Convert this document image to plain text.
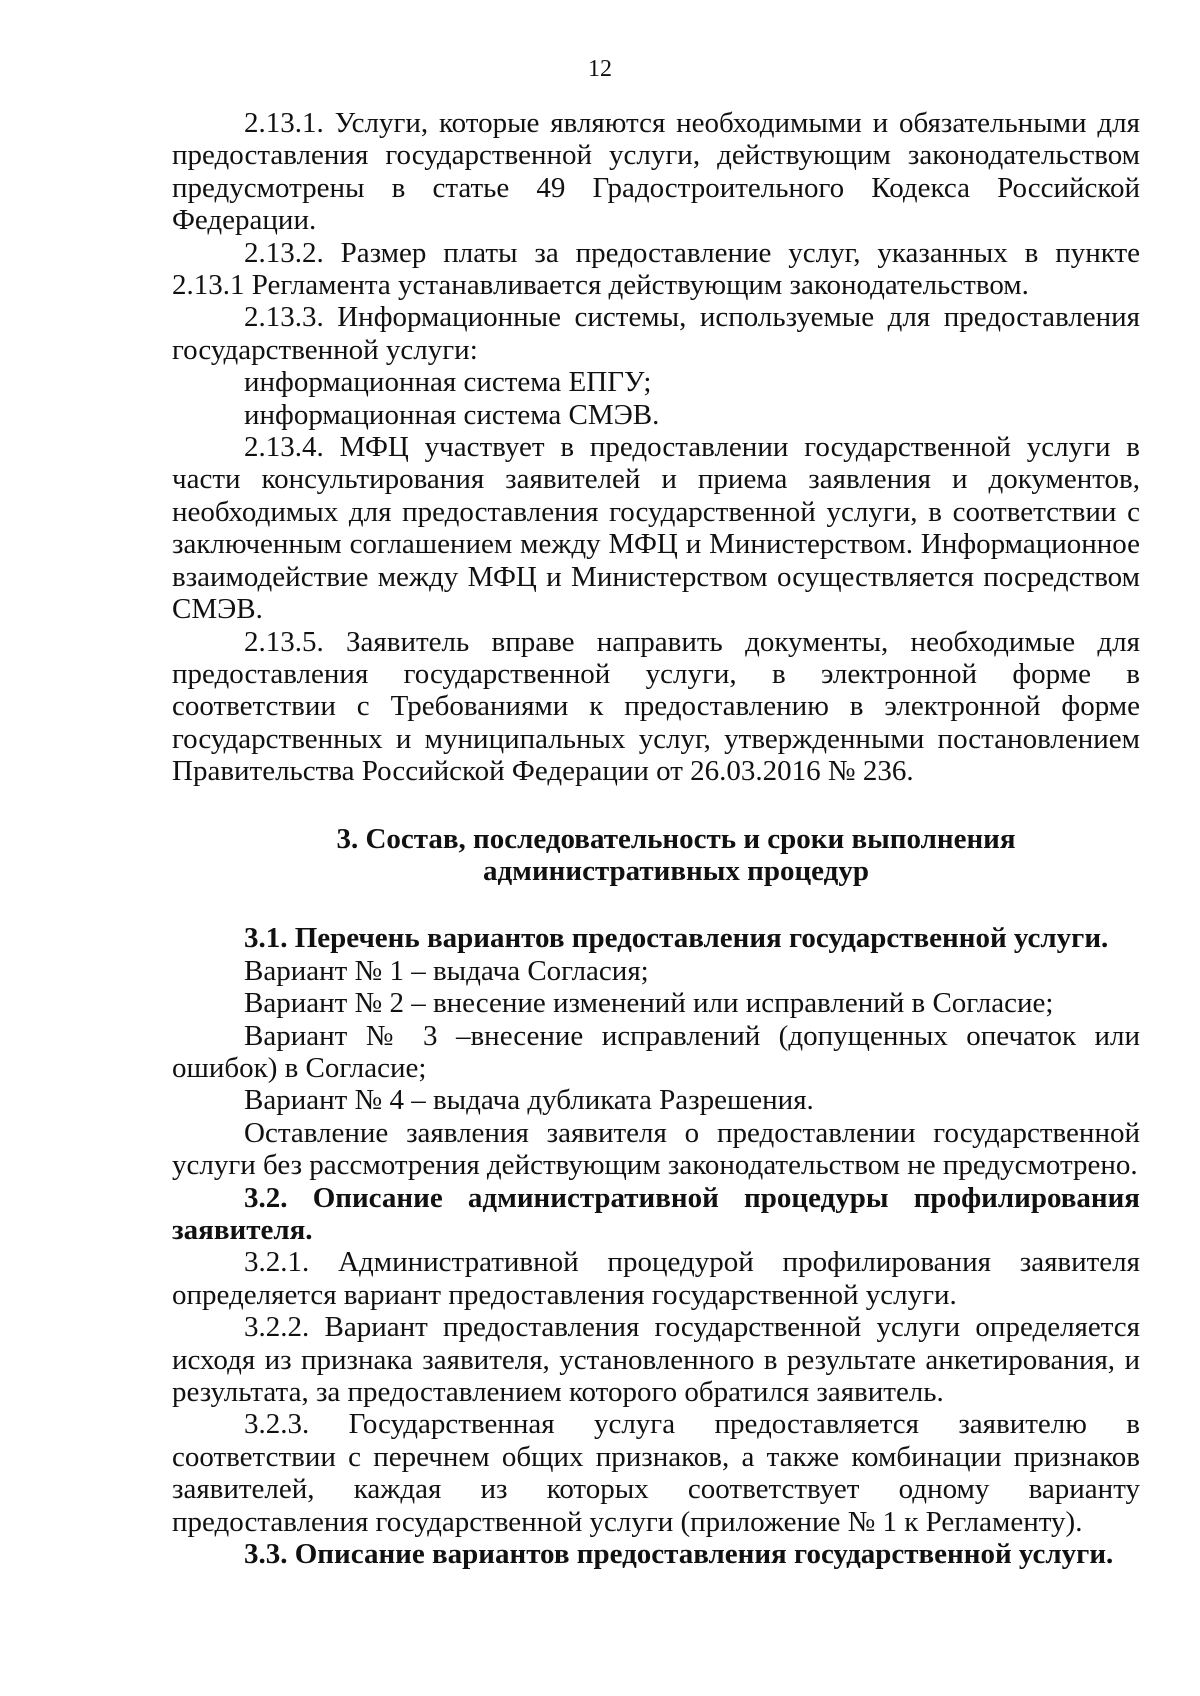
12

2.13.1. Услуги, которые являются необходимыми и обязательными для предоставления государственной услуги, действующим законодательством предусмотрены в статье 49 Градостроительного Кодекса Российской Федерации.

2.13.2. Размер платы за предоставление услуг, указанных в пункте 2.13.1 Регламента устанавливается действующим законодательством.

2.13.3. Информационные системы, используемые для предоставления государственной услуги:

информационная система ЕПГУ;

информационная система СМЭВ.

2.13.4. МФЦ участвует в предоставлении государственной услуги в части консультирования заявителей и приема заявления и документов, необходимых для предоставления государственной услуги, в соответствии с заключенным соглашением между МФЦ и Министерством. Информационное взаимодействие между МФЦ и Министерством осуществляется посредством СМЭВ.

2.13.5. Заявитель вправе направить документы, необходимые для предоставления государственной услуги, в электронной форме в соответствии с Требованиями к предоставлению в электронной форме государственных и муниципальных услуг, утвержденными постановлением Правительства Российской Федерации от 26.03.2016 № 236.

3. Состав, последовательность и сроки выполнения

административных процедур

3.1. Перечень вариантов предоставления государственной услуги.

Вариант № 1 – выдача Согласия;

Вариант № 2 – внесение изменений или исправлений в Согласие;

Вариант № 3 –внесение исправлений (допущенных опечаток или ошибок) в Согласие;

Вариант № 4 – выдача дубликата Разрешения.

Оставление заявления заявителя о предоставлении государственной услуги без рассмотрения действующим законодательством не предусмотрено.

3.2. Описание административной процедуры профилирования заявителя.

3.2.1. Административной процедурой профилирования заявителя определяется вариант предоставления государственной услуги.

3.2.2. Вариант предоставления государственной услуги определяется исходя из признака заявителя, установленного в результате анкетирования, и результата, за предоставлением которого обратился заявитель.

3.2.3. Государственная услуга предоставляется заявителю в соответствии с перечнем общих признаков, а также комбинации признаков заявителей, каждая из которых соответствует одному варианту предоставления государственной услуги (приложение № 1 к Регламенту).

3.3. Описание вариантов предоставления государственной услуги.
